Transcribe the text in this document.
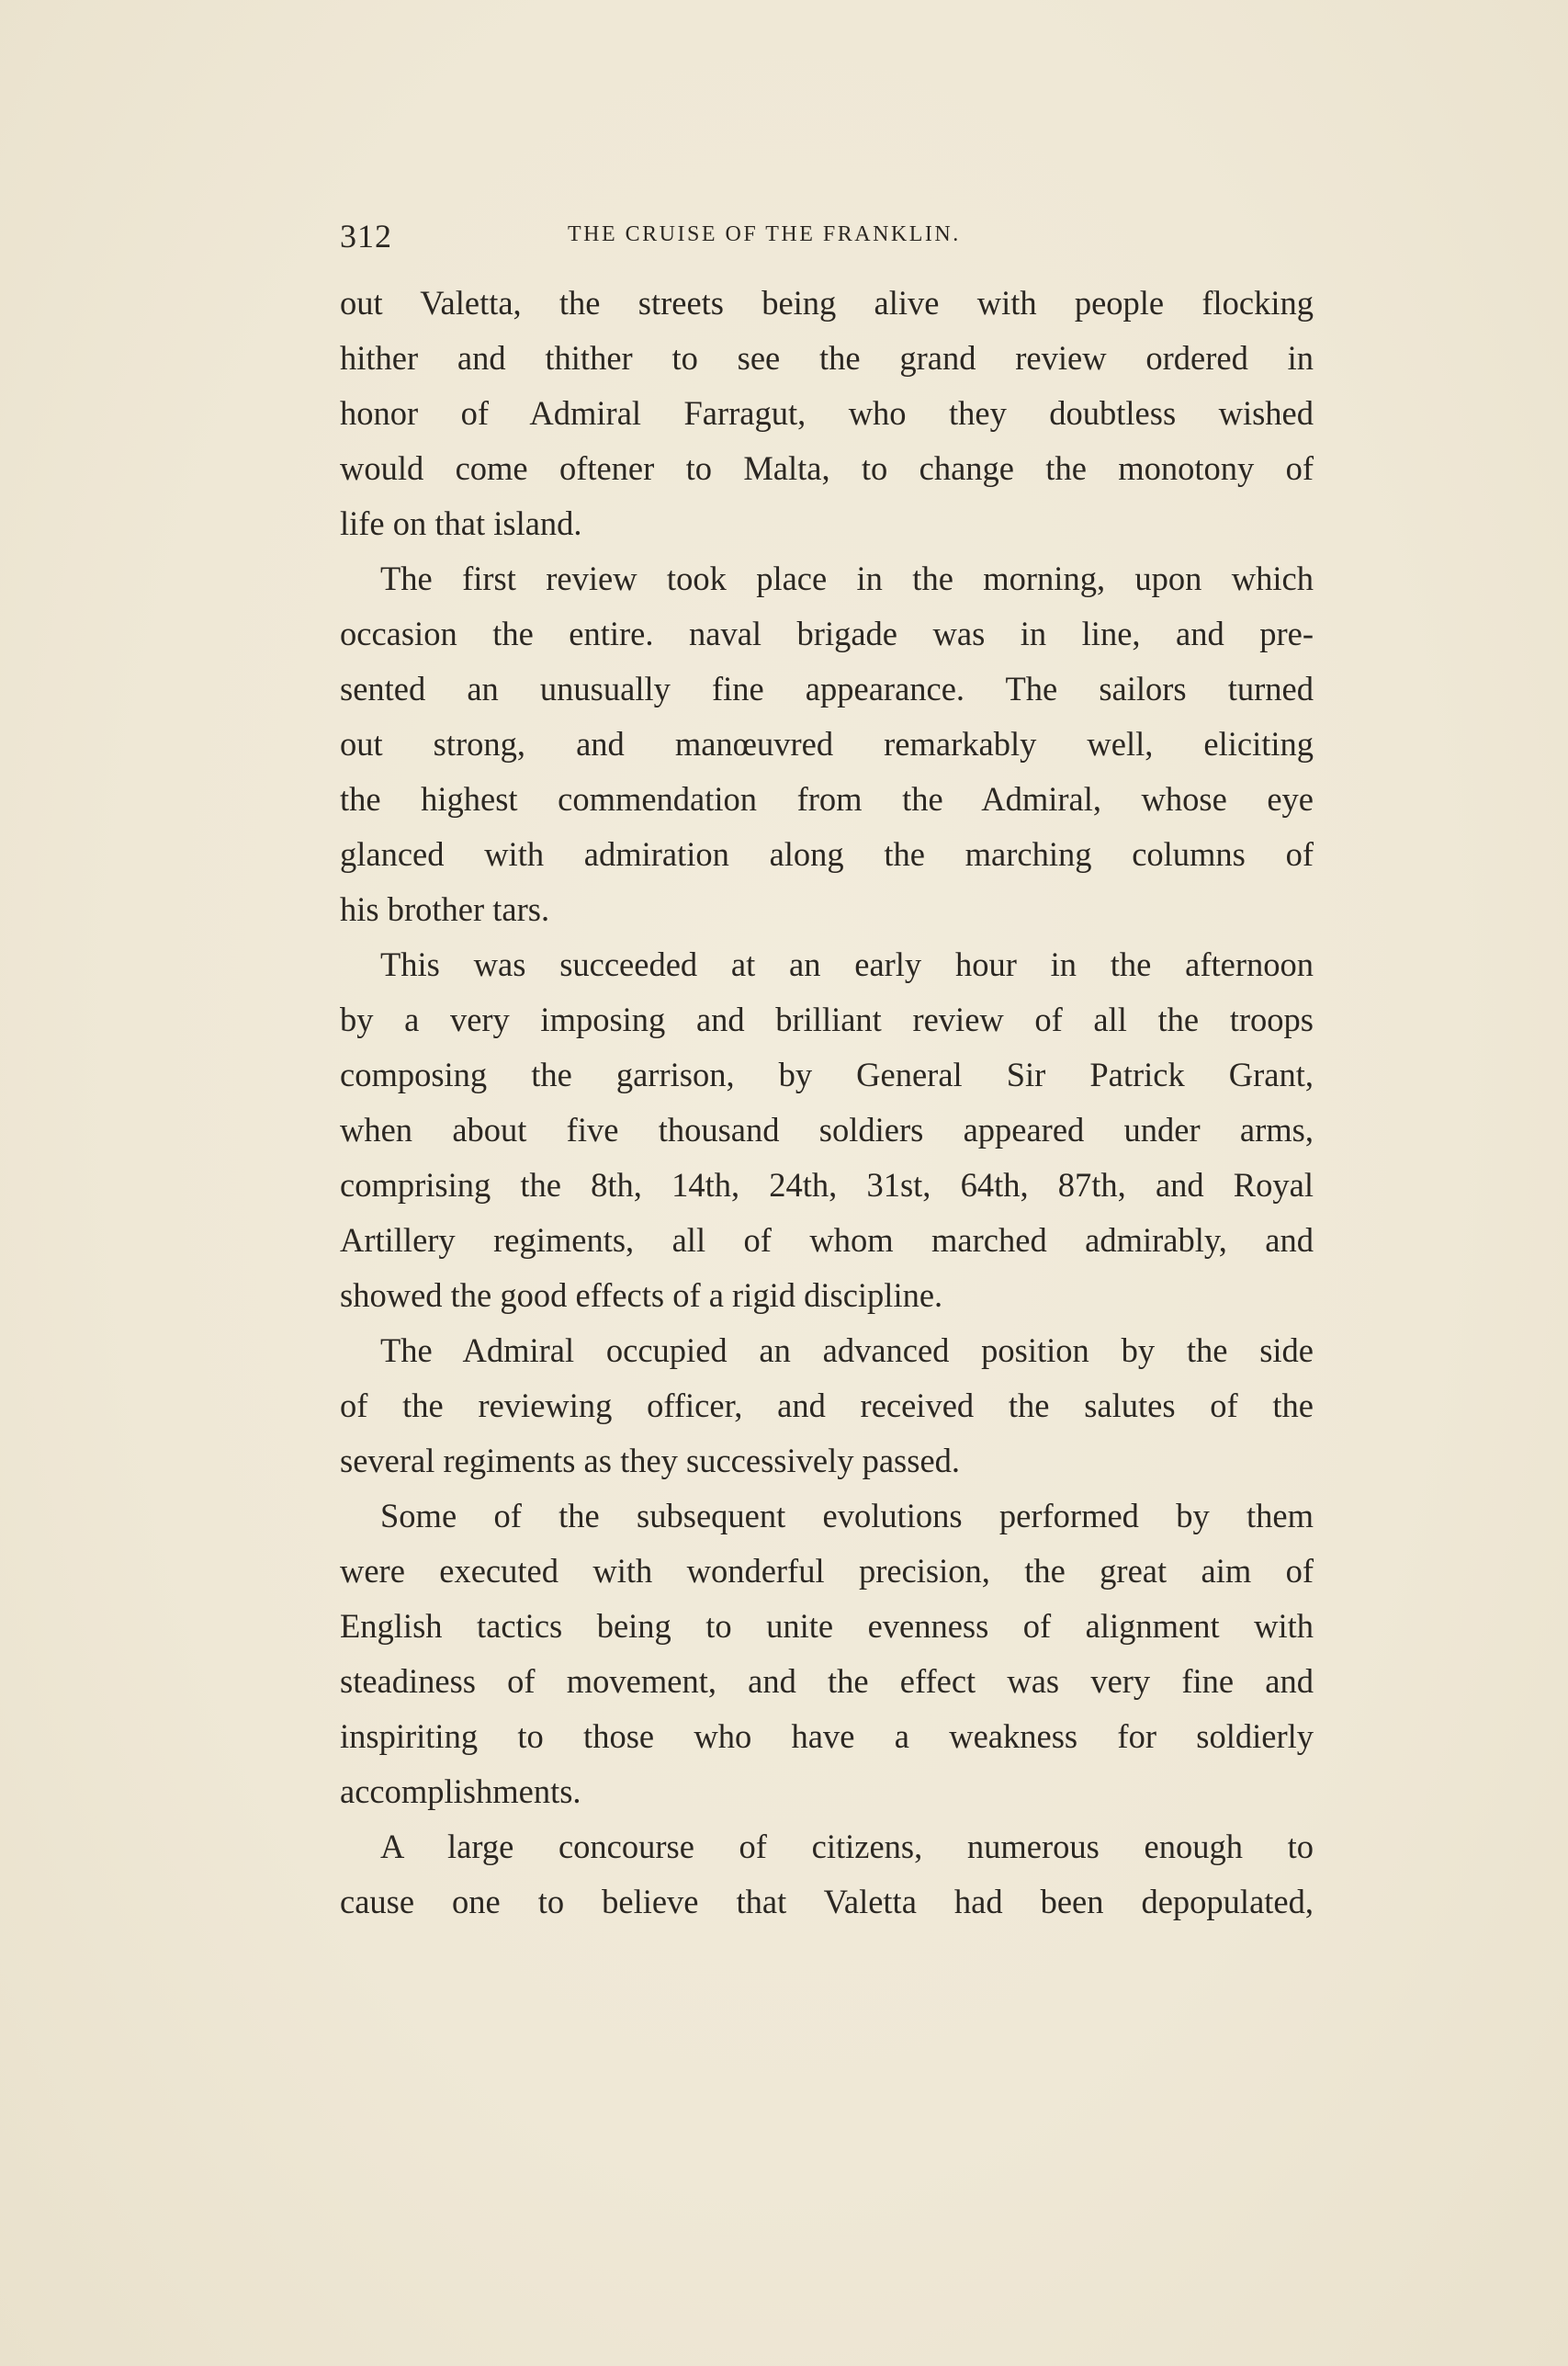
312	THE CRUISE OF THE FRANKLIN.
out Valetta, the streets being alive with people flocking
hither and thither to see the grand review ordered in
honor of Admiral Farragut, who they doubtless wished
would come oftener to Malta, to change the monotony of
life on that island.
The first review took place in the morning, upon which
occasion the entire. naval brigade was in line, and pre-
sented an unusually fine appearance. The sailors turned
out strong, and manœuvred remarkably well, eliciting
the highest commendation from the Admiral, whose eye
glanced with admiration along the marching columns of
his brother tars.
This was succeeded at an early hour in the afternoon
by a very imposing and brilliant review of all the troops
composing the garrison, by General Sir Patrick Grant,
when about five thousand soldiers appeared under arms,
comprising the 8th, 14th, 24th, 31st, 64th, 87th, and Royal
Artillery regiments, all of whom marched admirably, and
showed the good effects of a rigid discipline.
The Admiral occupied an advanced position by the side
of the reviewing officer, and received the salutes of the
several regiments as they successively passed.
Some of the subsequent evolutions performed by them
were executed with wonderful precision, the great aim of
English tactics being to unite evenness of alignment with
steadiness of movement, and the effect was very fine and
inspiriting to those who have a weakness for soldierly
accomplishments.
A large concourse of citizens, numerous enough to
cause one to believe that Valetta had been depopulated,
